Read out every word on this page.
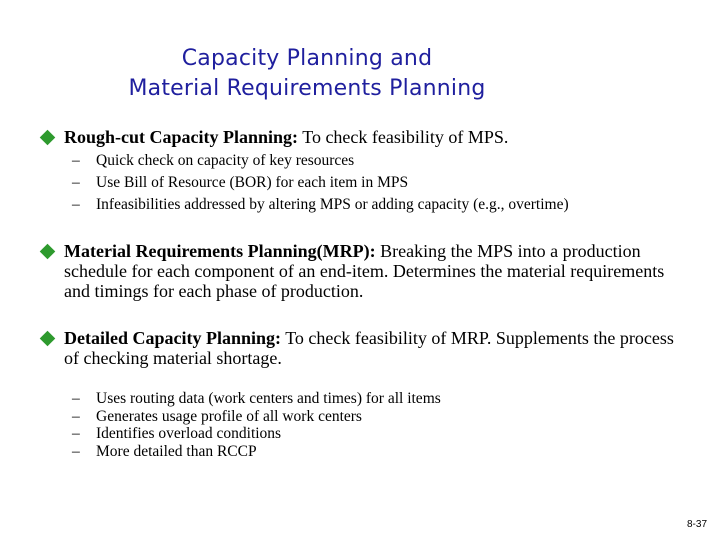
Capacity Planning and
Material Requirements Planning
Rough-cut Capacity Planning: To check feasibility of MPS.
– Quick check on capacity of key resources
– Use Bill of Resource (BOR) for each item in MPS
– Infeasibilities addressed by altering MPS or adding capacity (e.g., overtime)
Material Requirements Planning(MRP): Breaking the MPS into a production schedule for each component of an end-item. Determines the material requirements and timings for each phase of production.
Detailed Capacity Planning: To check feasibility of MRP. Supplements the process of checking material shortage.
– Uses routing data (work centers and times) for all items
– Generates usage profile of all work centers
– Identifies overload conditions
– More detailed than RCCP
8-37
